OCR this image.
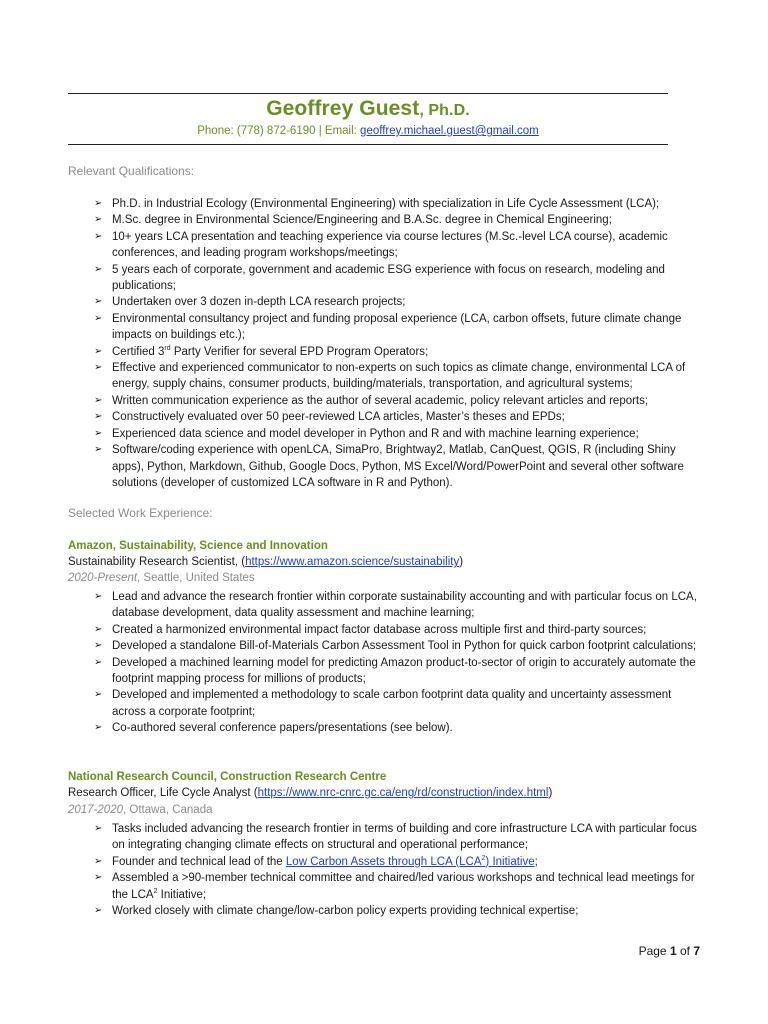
Geoffrey Guest, Ph.D.
Phone: (778) 872-6190 | Email: geoffrey.michael.guest@gmail.com
Relevant Qualifications:
➢ Ph.D. in Industrial Ecology (Environmental Engineering) with specialization in Life Cycle Assessment (LCA);
➢ M.Sc. degree in Environmental Science/Engineering and B.A.Sc. degree in Chemical Engineering;
➢ 10+ years LCA presentation and teaching experience via course lectures (M.Sc.-level LCA course), academic conferences, and leading program workshops/meetings;
➢ 5 years each of corporate, government and academic ESG experience with focus on research, modeling and publications;
➢ Undertaken over 3 dozen in-depth LCA research projects;
➢ Environmental consultancy project and funding proposal experience (LCA, carbon offsets, future climate change impacts on buildings etc.);
➢ Certified 3rd Party Verifier for several EPD Program Operators;
➢ Effective and experienced communicator to non-experts on such topics as climate change, environmental LCA of energy, supply chains, consumer products, building/materials, transportation, and agricultural systems;
➢ Written communication experience as the author of several academic, policy relevant articles and reports;
➢ Constructively evaluated over 50 peer-reviewed LCA articles, Master’s theses and EPDs;
➢ Experienced data science and model developer in Python and R and with machine learning experience;
➢ Software/coding experience with openLCA, SimaPro, Brightway2, Matlab, CanQuest, QGIS, R (including Shiny apps), Python, Markdown, Github, Google Docs, Python, MS Excel/Word/PowerPoint and several other software solutions (developer of customized LCA software in R and Python).
Selected Work Experience:
Amazon, Sustainability, Science and Innovation
Sustainability Research Scientist, (https://www.amazon.science/sustainability)
2020-Present, Seattle, United States
➢ Lead and advance the research frontier within corporate sustainability accounting and with particular focus on LCA, database development, data quality assessment and machine learning;
➢ Created a harmonized environmental impact factor database across multiple first and third-party sources;
➢ Developed a standalone Bill-of-Materials Carbon Assessment Tool in Python for quick carbon footprint calculations;
➢ Developed a machined learning model for predicting Amazon product-to-sector of origin to accurately automate the footprint mapping process for millions of products;
➢ Developed and implemented a methodology to scale carbon footprint data quality and uncertainty assessment across a corporate footprint;
➢ Co-authored several conference papers/presentations (see below).
National Research Council, Construction Research Centre
Research Officer, Life Cycle Analyst (https://www.nrc-cnrc.gc.ca/eng/rd/construction/index.html)
2017-2020, Ottawa, Canada
➢ Tasks included advancing the research frontier in terms of building and core infrastructure LCA with particular focus on integrating changing climate effects on structural and operational performance;
➢ Founder and technical lead of the Low Carbon Assets through LCA (LCA$^2$) Initiative;
➢ Assembled a >90-member technical committee and chaired/led various workshops and technical lead meetings for the LCA$^2$ Initiative;
➢ Worked closely with climate change/low-carbon policy experts providing technical expertise;
Page 1 of 7
